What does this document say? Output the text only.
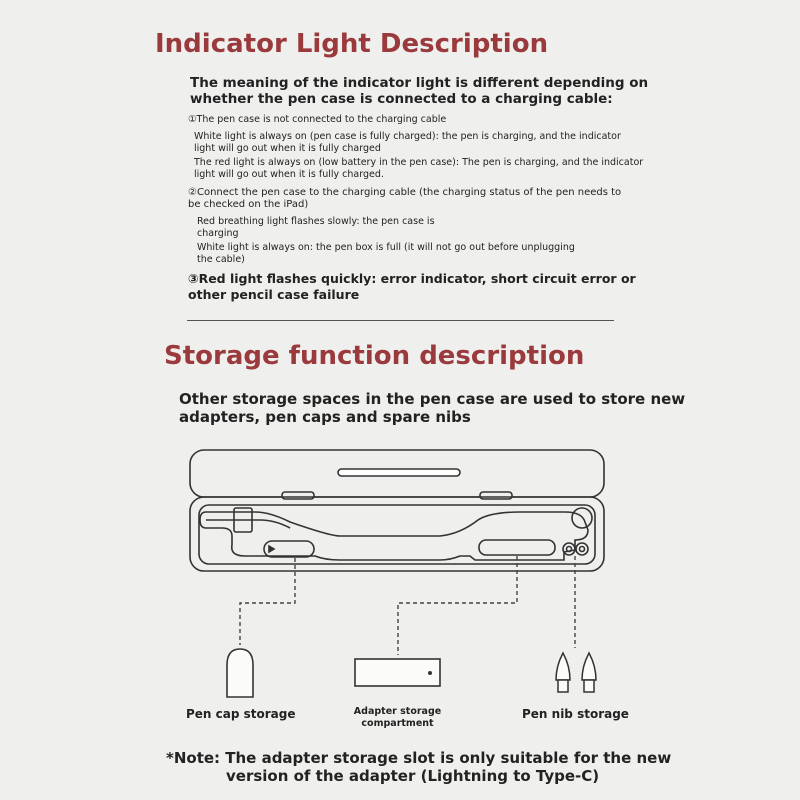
Indicator Light Description
The meaning of the indicator light is different depending on
whether the pen case is connected to a charging cable:
①The pen case is not connected to the charging cable
White light is always on (pen case is fully charged): the pen is charging, and the indicator
light will go out when it is fully charged
The red light is always on (low battery in the pen case): The pen is charging, and the indicator
light will go out when it is fully charged.
②Connect the pen case to the charging cable (the charging status of the pen needs to
be checked on the iPad)
Red breathing light flashes slowly: the pen case is
charging
White light is always on: the pen box is full (it will not go out before unplugging
the cable)
③Red light flashes quickly: error indicator, short circuit error or
other pencil case failure
Storage function description
Other storage spaces in the pen case are used to store new
adapters, pen caps and spare nibs
Pen cap storage	Adapter storage
compartment
Pen nib storage
*Note: The adapter storage slot is only suitable for the new
version of the adapter (Lightning to Type-C)
